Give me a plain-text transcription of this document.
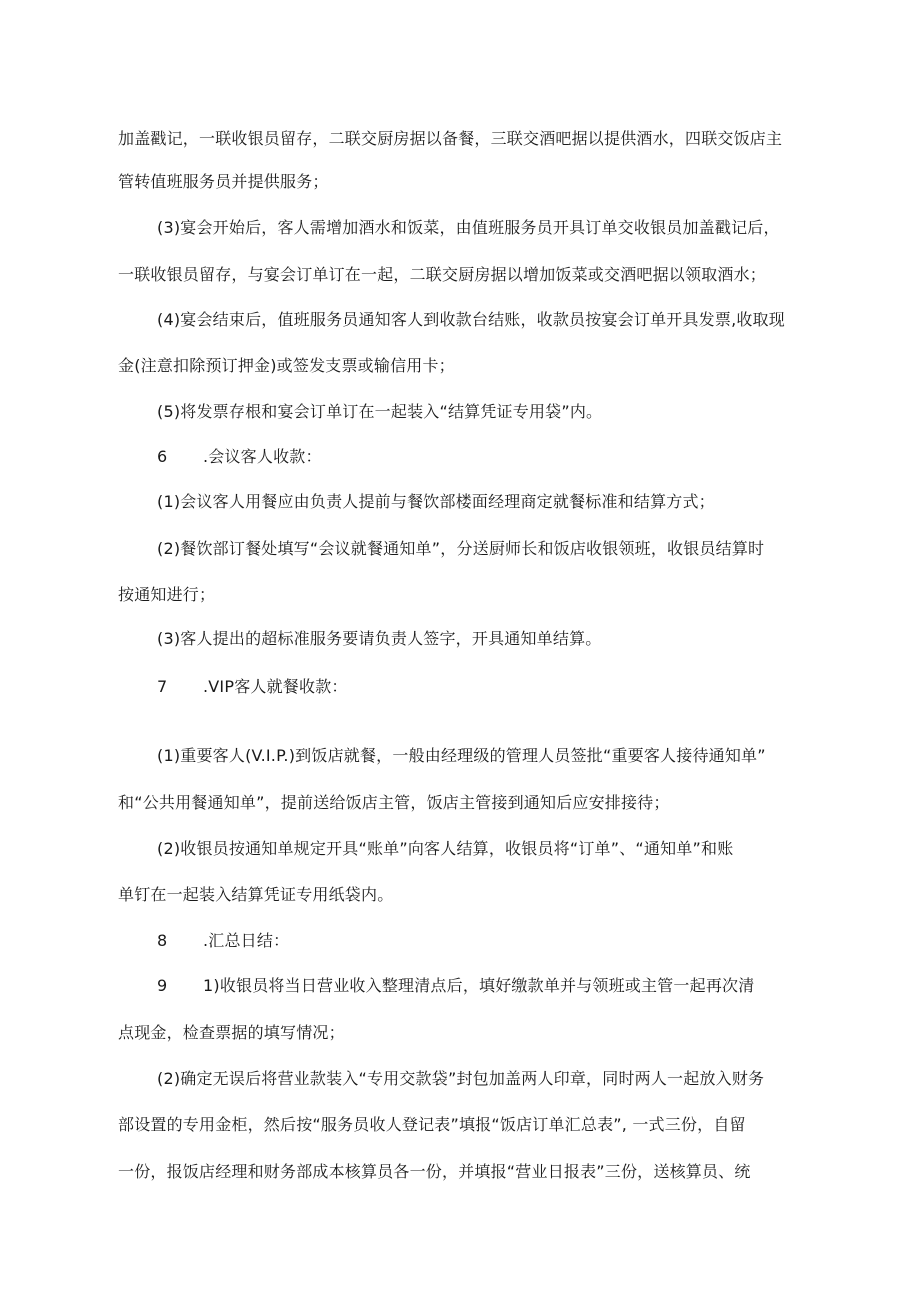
加盖戳记，一联收银员留存，二联交厨房据以备餐，三联交酒吧据以提供酒水，四联交饭店主
管转值班服务员并提供服务；
(3)宴会开始后，客人需增加酒水和饭菜，由值班服务员开具订单交收银员加盖戳记后，
一联收银员留存，与宴会订单订在一起，二联交厨房据以增加饭菜或交酒吧据以领取酒水；
(4)宴会结束后，值班服务员通知客人到收款台结账，收款员按宴会订单开具发票,收取现
金(注意扣除预订押金)或签发支票或输信用卡；
(5)将发票存根和宴会订单订在一起装入“结算凭证专用袋”内。
6 .会议客人收款：
(1)会议客人用餐应由负责人提前与餐饮部楼面经理商定就餐标准和结算方式；
(2)餐饮部订餐处填写“会议就餐通知单”，分送厨师长和饭店收银领班，收银员结算时
按通知进行；
(3)客人提出的超标准服务要请负责人签字，开具通知单结算。
7 .VIP客人就餐收款：
(1)重要客人(V.I.P.)到饭店就餐，一般由经理级的管理人员签批“重要客人接待通知单”
和“公共用餐通知单”，提前送给饭店主管，饭店主管接到通知后应安排接待；
(2)收银员按通知单规定开具“账单”向客人结算，收银员将“订单”、“通知单”和账
单钉在一起装入结算凭证专用纸袋内。
8 .汇总日结：
9 1)收银员将当日营业收入整理清点后，填好缴款单并与领班或主管一起再次清
点现金，检查票据的填写情况；
(2)确定无误后将营业款装入“专用交款袋”封包加盖两人印章，同时两人一起放入财务
部设置的专用金柜，然后按“服务员收人登记表”填报“饭店订单汇总表”, 一式三份，自留
一份，报饭店经理和财务部成本核算员各一份，并填报“营业日报表”三份，送核算员、统
